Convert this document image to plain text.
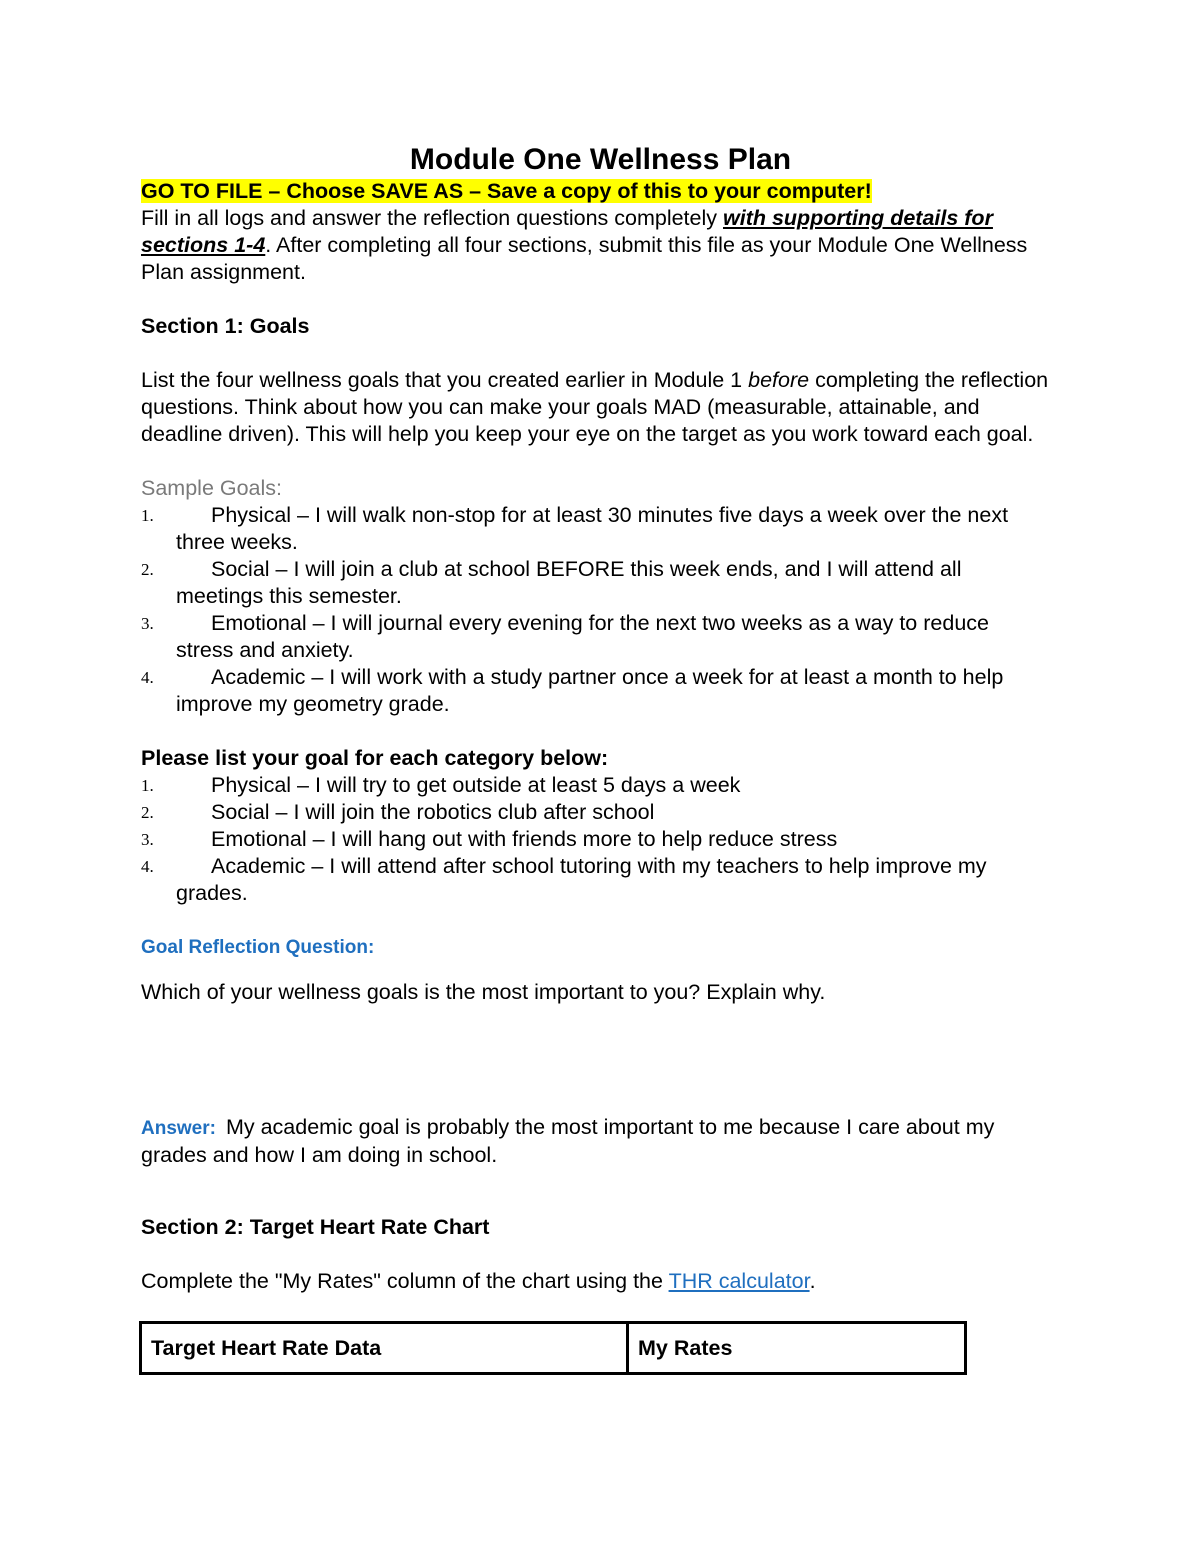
Module One Wellness Plan
GO TO FILE – Choose SAVE AS – Save a copy of this to your computer!

Fill in all logs and answer the reflection questions completely with supporting details for sections 1-4. After completing all four sections, submit this file as your Module One Wellness Plan assignment.

Section 1: Goals

List the four wellness goals that you created earlier in Module 1 before completing the reflection questions. Think about how you can make your goals MAD (measurable, attainable, and deadline driven). This will help you keep your eye on the target as you work toward each goal.

Sample Goals:

1.	Physical – I will walk non-stop for at least 30 minutes five days a week over the next three weeks.
2.	Social – I will join a club at school BEFORE this week ends, and I will attend all meetings this semester.
3.	Emotional – I will journal every evening for the next two weeks as a way to reduce stress and anxiety.
4.	Academic – I will work with a study partner once a week for at least a month to help improve my geometry grade.

Please list your goal for each category below:

1.	Physical – I will try to get outside at least 5 days a week
2.	Social – I will join the robotics club after school
3.	Emotional – I will hang out with friends more to help reduce stress
4.	Academic – I will attend after school tutoring with my teachers to help improve my grades.

Goal Reflection Question:

Which of your wellness goals is the most important to you? Explain why.

Answer: My academic goal is probably the most important to me because I care about my grades and how I am doing in school.

Section 2: Target Heart Rate Chart

Complete the "My Rates" column of the chart using the THR calculator.

Target Heart Rate Data	My Rates
